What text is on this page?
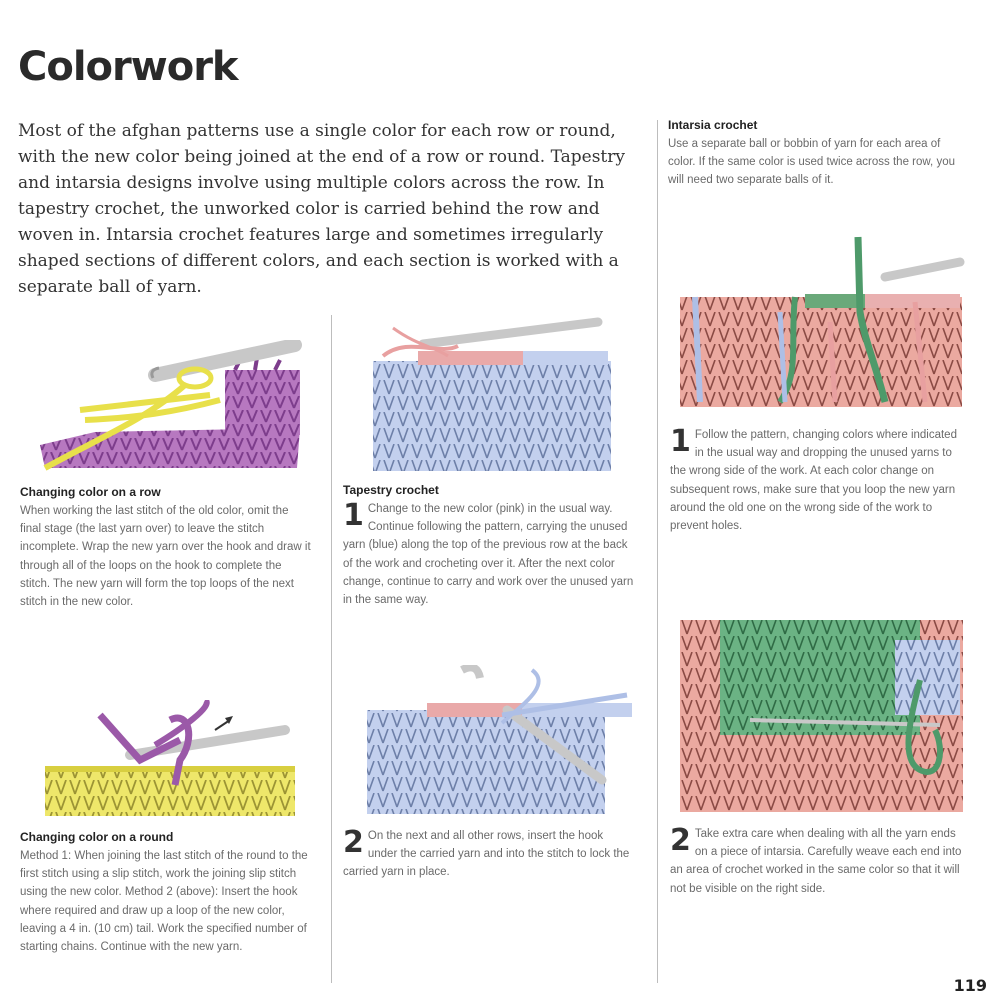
Colorwork
Most of the afghan patterns use a single color for each row or round, with the new color being joined at the end of a row or round. Tapestry and intarsia designs involve using multiple colors across the row. In tapestry crochet, the unworked color is carried behind the row and woven in. Intarsia crochet features large and sometimes irregularly shaped sections of different colors, and each section is worked with a separate ball of yarn.
Changing color on a row
When working the last stitch of the old color, omit the final stage (the last yarn over) to leave the stitch incomplete. Wrap the new yarn over the hook and draw it through all of the loops on the hook to complete the stitch. The new yarn will form the top loops of the next stitch in the new color.
Changing color on a round
Method 1: When joining the last stitch of the round to the first stitch using a slip stitch, work the joining slip stitch using the new color. Method 2 (above): Insert the hook where required and draw up a loop of the new color, leaving a 4 in. (10 cm) tail. Work the specified number of starting chains. Continue with the new yarn.
Tapestry crochet
1 Change to the new color (pink) in the usual way. Continue following the pattern, carrying the unused yarn (blue) along the top of the previous row at the back of the work and crocheting over it. After the next color change, continue to carry and work over the unused yarn in the same way.
2 On the next and all other rows, insert the hook under the carried yarn and into the stitch to lock the carried yarn in place.
Intarsia crochet
Use a separate ball or bobbin of yarn for each area of color. If the same color is used twice across the row, you will need two separate balls of it.
1 Follow the pattern, changing colors where indicated in the usual way and dropping the unused yarns to the wrong side of the work. At each color change on subsequent rows, make sure that you loop the new yarn around the old one on the wrong side of the work to prevent holes.
2 Take extra care when dealing with all the yarn ends on a piece of intarsia. Carefully weave each end into an area of crochet worked in the same color so that it will not be visible on the right side.
119
